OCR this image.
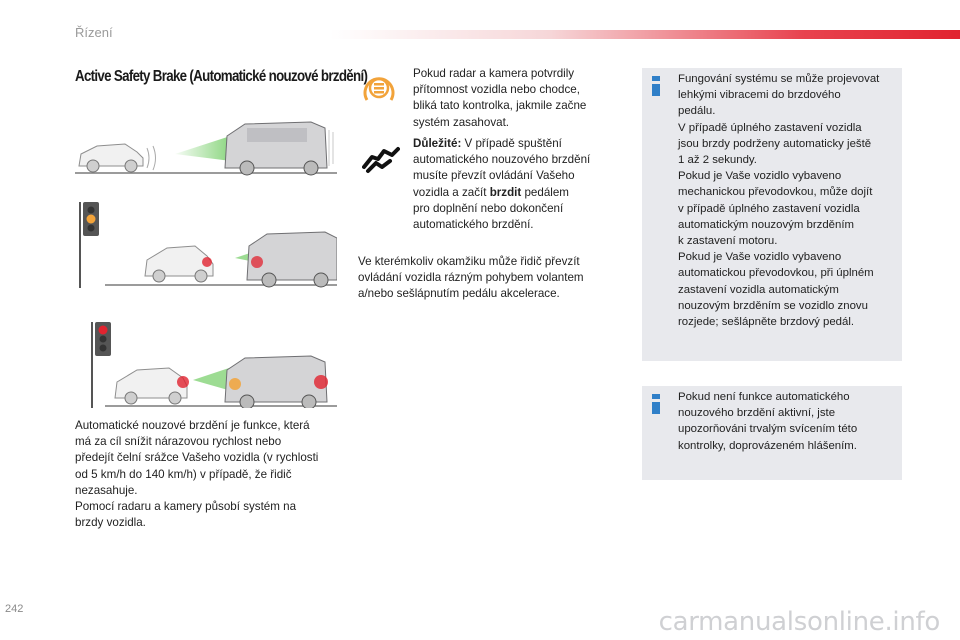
Řízení
Active Safety Brake (Automatické nouzové brzdění)
Automatické nouzové brzdění je funkce, která
má za cíl snížit nárazovou rychlost nebo
předejít čelní srážce Vašeho vozidla (v rychlosti
od 5 km/h do 140 km/h) v případě, že řidič
nezasahuje.
Pomocí radaru a kamery působí systém na
brzdy vozidla.
Pokud radar a kamera potvrdily
přítomnost vozidla nebo chodce,
bliká tato kontrolka, jakmile začne
systém zasahovat.
Důležité: V případě spuštění
automatického nouzového brzdění
musíte převzít ovládání Vašeho
vozidla a začít brzdit pedálem
pro doplnění nebo dokončení
automatického brzdění.
Ve kterémkoliv okamžiku může řidič převzít
ovládání vozidla rázným pohybem volantem
a/nebo sešlápnutím pedálu akcelerace.
Fungování systému se může projevovat
lehkými vibracemi do brzdového
pedálu.
V případě úplného zastavení vozidla
jsou brzdy podrženy automaticky ještě
1 až 2 sekundy.
Pokud je Vaše vozidlo vybaveno
mechanickou převodovkou, může dojít
v případě úplného zastavení vozidla
automatickým nouzovým brzděním
k zastavení motoru.
Pokud je Vaše vozidlo vybaveno
automatickou převodovkou, při úplném
zastavení vozidla automatickým
nouzovým brzděním se vozidlo znovu
rozjede; sešlápněte brzdový pedál.
Pokud není funkce automatického
nouzového brzdění aktivní, jste
upozorňováni trvalým svícením této
kontrolky, doprovázeném hlášením.
242	carmanualsonline.info
